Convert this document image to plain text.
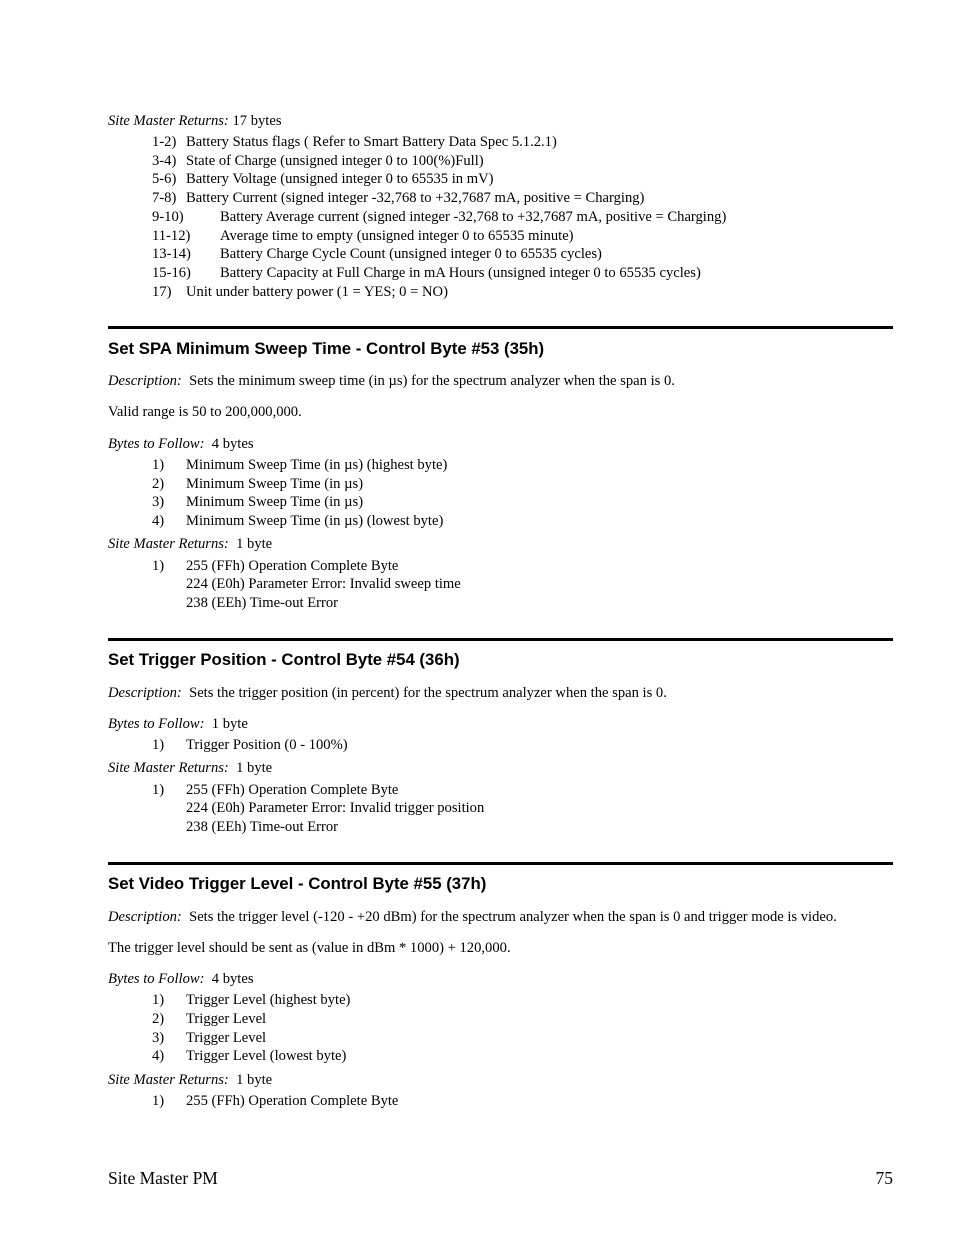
Site Master Returns: 17 bytes
1-2) Battery Status flags ( Refer to Smart Battery Data Spec 5.1.2.1)
3-4) State of Charge (unsigned integer 0 to 100(%)Full)
5-6) Battery Voltage (unsigned integer 0 to 65535 in mV)
7-8) Battery Current (signed integer -32,768 to +32,7687 mA, positive = Charging)
9-10) Battery Average current (signed integer -32,768 to +32,7687 mA, positive = Charging)
11-12) Average time to empty (unsigned integer 0 to 65535 minute)
13-14) Battery Charge Cycle Count (unsigned integer 0 to 65535 cycles)
15-16) Battery Capacity at Full Charge in mA Hours (unsigned integer 0 to 65535 cycles)
17) Unit under battery power (1 = YES; 0 = NO)
Set SPA Minimum Sweep Time - Control Byte #53 (35h)
Description: Sets the minimum sweep time (in µs) for the spectrum analyzer when the span is 0.
Valid range is 50 to 200,000,000.
Bytes to Follow: 4 bytes
1) Minimum Sweep Time (in µs) (highest byte)
2) Minimum Sweep Time (in µs)
3) Minimum Sweep Time (in µs)
4) Minimum Sweep Time (in µs) (lowest byte)
Site Master Returns: 1 byte
1) 255 (FFh) Operation Complete Byte
224 (E0h) Parameter Error: Invalid sweep time
238 (EEh) Time-out Error
Set Trigger Position - Control Byte #54 (36h)
Description: Sets the trigger position (in percent) for the spectrum analyzer when the span is 0.
Bytes to Follow: 1 byte
1) Trigger Position (0 - 100%)
Site Master Returns: 1 byte
1) 255 (FFh) Operation Complete Byte
224 (E0h) Parameter Error: Invalid trigger position
238 (EEh) Time-out Error
Set Video Trigger Level - Control Byte #55 (37h)
Description: Sets the trigger level (-120 - +20 dBm) for the spectrum analyzer when the span is 0 and trigger mode is video.
The trigger level should be sent as (value in dBm * 1000) + 120,000.
Bytes to Follow: 4 bytes
1) Trigger Level (highest byte)
2) Trigger Level
3) Trigger Level
4) Trigger Level (lowest byte)
Site Master Returns: 1 byte
1) 255 (FFh) Operation Complete Byte
Site Master PM	75
